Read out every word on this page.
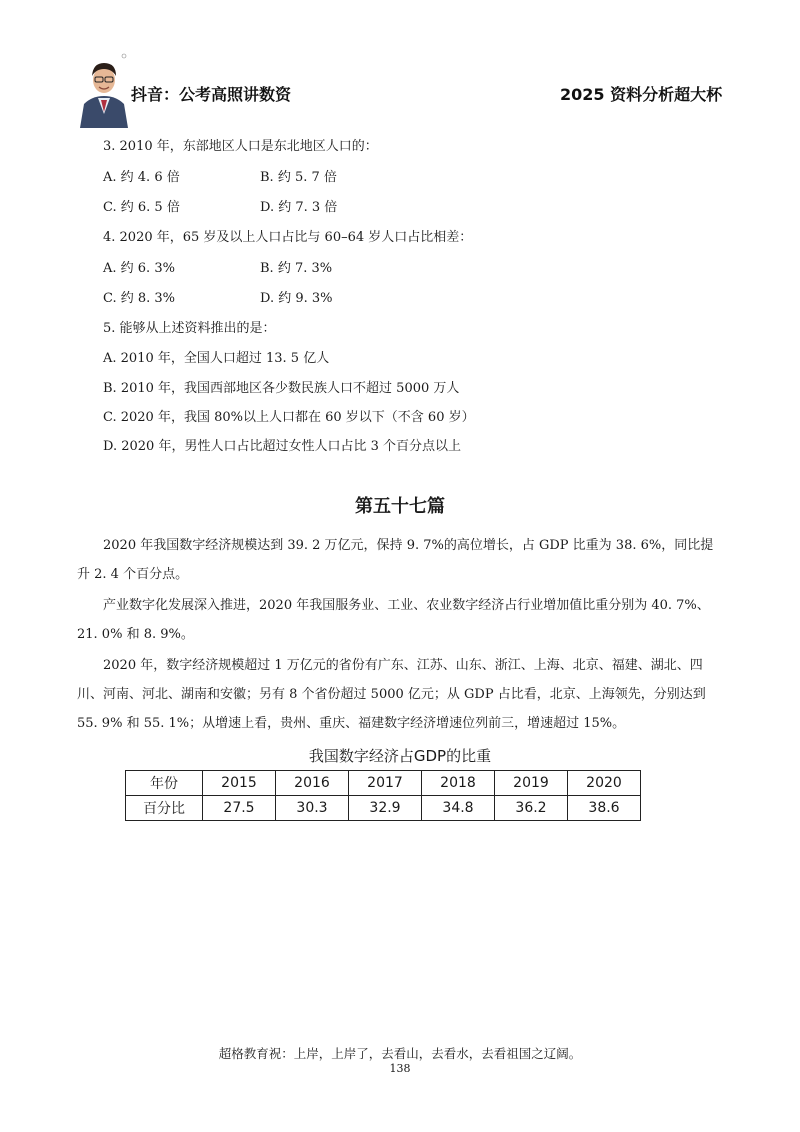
抖音：公考高照讲数资	2025 资料分析超大杯
3. 2010 年，东部地区人口是东北地区人口的：
A. 约 4. 6 倍	B. 约 5. 7 倍
C. 约 6. 5 倍	D. 约 7. 3 倍
4. 2020 年，65 岁及以上人口占比与 60–64 岁人口占比相差：
A. 约 6. 3%	B. 约 7. 3%
C. 约 8. 3%	D. 约 9. 3%
5. 能够从上述资料推出的是：
A. 2010 年，全国人口超过 13. 5 亿人
B. 2010 年，我国西部地区各少数民族人口不超过 5000 万人
C. 2020 年，我国 80%以上人口都在 60 岁以下（不含 60 岁）
D. 2020 年，男性人口占比超过女性人口占比 3 个百分点以上
第五十七篇
2020 年我国数字经济规模达到 39. 2 万亿元，保持 9. 7%的高位增长，占 GDP 比重为 38. 6%，同比提升 2. 4 个百分点。
产业数字化发展深入推进，2020 年我国服务业、工业、农业数字经济占行业增加值比重分别为 40. 7%、21. 0% 和 8. 9%。
2020 年，数字经济规模超过 1 万亿元的省份有广东、江苏、山东、浙江、上海、北京、福建、湖北、四川、河南、河北、湖南和安徽；另有 8 个省份超过 5000 亿元；从 GDP 占比看，北京、上海领先，分别达到 55. 9% 和 55. 1%；从增速上看，贵州、重庆、福建数字经济增速位列前三，增速超过 15%。
我国数字经济占GDP的比重
年份	2015	2016	2017	2018	2019	2020
百分比	27.5	30.3	32.9	34.8	36.2	38.6
超格教育祝：上岸，上岸了，去看山，去看水，去看祖国之辽阔。
138
